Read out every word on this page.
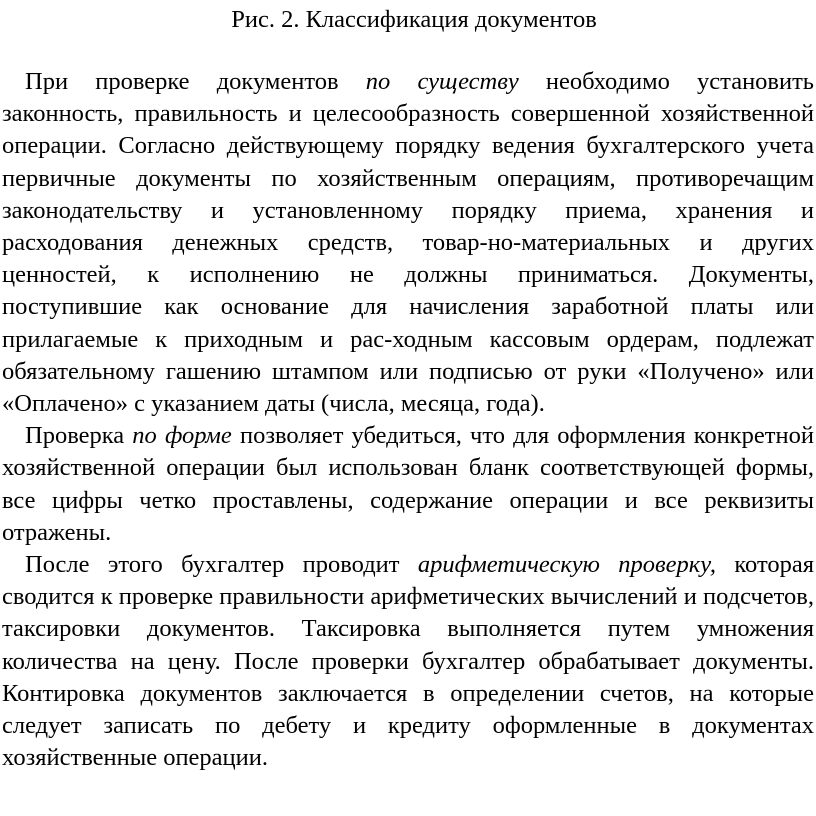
Рис. 2. Классификация документов

При проверке документов по существу необходимо установить законность, правильность и целесообразность совершенной хозяйственной операции. Согласно действующему порядку ведения бухгалтерского учета первичные документы по хозяйственным операциям, противоречащим законодательству и установленному порядку приема, хранения и расходования денежных средств, товар-но-материальных и других ценностей, к исполнению не должны приниматься. Документы, поступившие как основание для начисления заработной платы или прилагаемые к приходным и рас-ходным кассовым ордерам, подлежат обязательному гашению штампом или подписью от руки «Получено» или «Оплачено» с указанием даты (числа, месяца, года).

Проверка по форме позволяет убедиться, что для оформления конкретной хозяйственной операции был использован бланк соответствующей формы, все цифры четко проставлены, содержание операции и все реквизиты отражены.

После этого бухгалтер проводит арифметическую проверку, которая сводится к проверке правильности арифметических вычислений и подсчетов, таксировки документов. Таксировка выполняется путем умножения количества на цену. После проверки бухгалтер обрабатывает документы. Контировка документов заключается в определении счетов, на которые следует записать по дебету и кредиту оформленные в документах хозяйственные операции.
